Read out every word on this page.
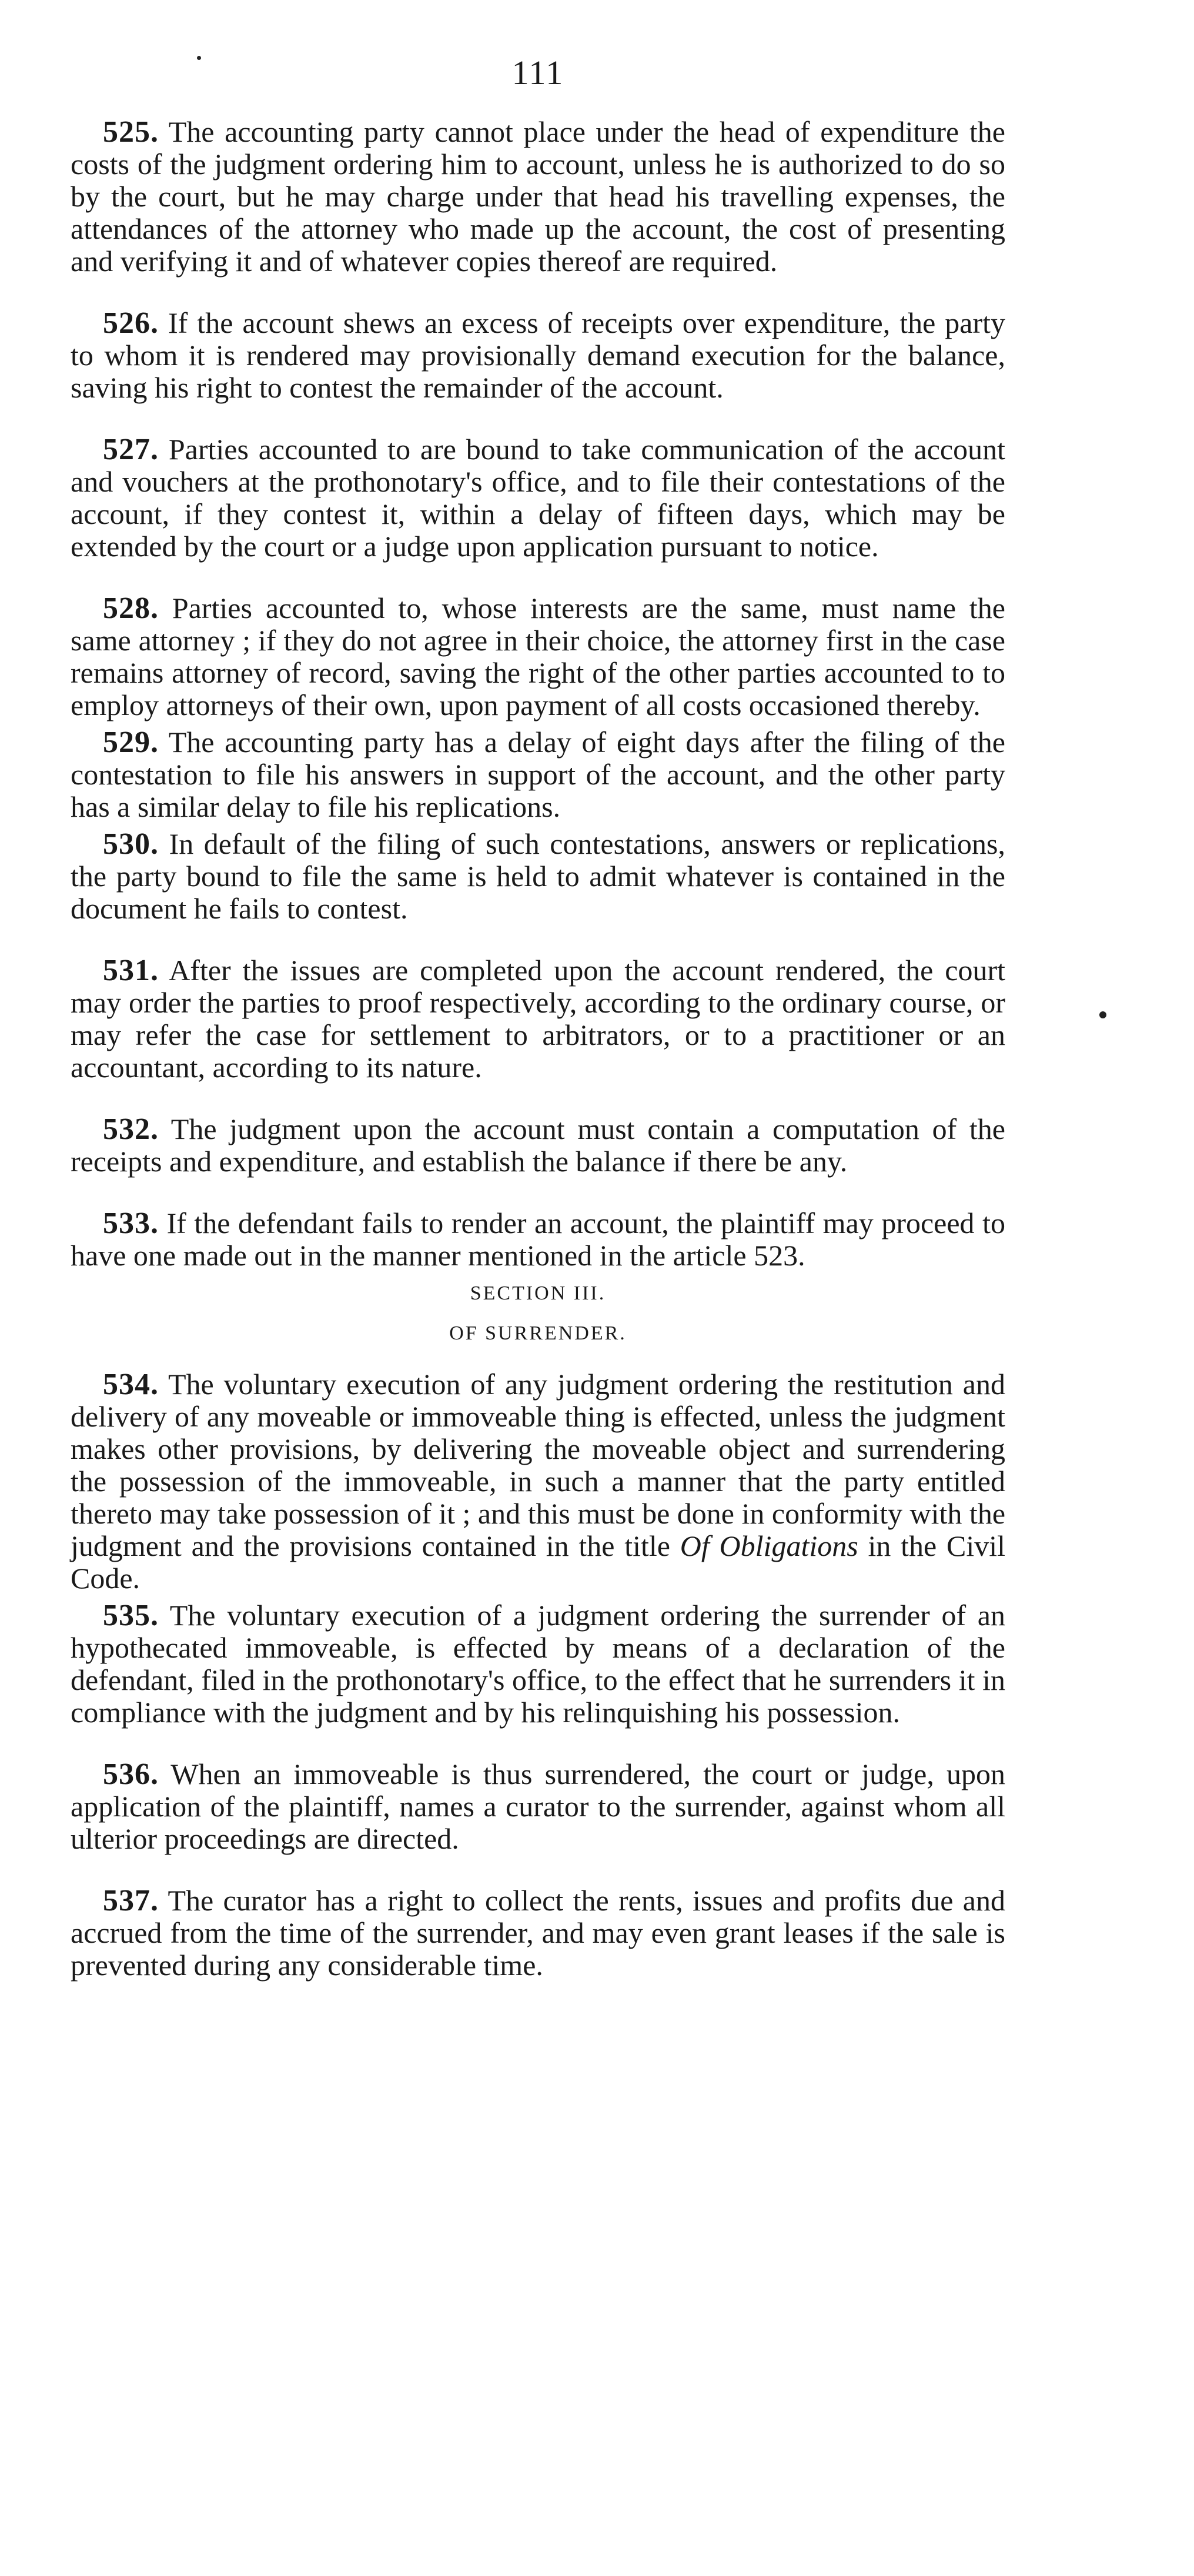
111

525. The accounting party cannot place under the head of expenditure the costs of the judgment ordering him to account, unless he is authorized to do so by the court, but he may charge under that head his travelling expenses, the attendances of the attorney who made up the account, the cost of presenting and verifying it and of whatever copies thereof are required.

526. If the account shews an excess of receipts over expenditure, the party to whom it is rendered may provisionally demand execution for the balance, saving his right to contest the remainder of the account.

527. Parties accounted to are bound to take communication of the account and vouchers at the prothonotary's office, and to file their contestations of the account, if they contest it, within a delay of fifteen days, which may be extended by the court or a judge upon application pursuant to notice.

528. Parties accounted to, whose interests are the same, must name the same attorney ; if they do not agree in their choice, the attorney first in the case remains attorney of record, saving the right of the other parties accounted to to employ attorneys of their own, upon payment of all costs occasioned thereby.

529. The accounting party has a delay of eight days after the filing of the contestation to file his answers in support of the account, and the other party has a similar delay to file his replications.

530. In default of the filing of such contestations, answers or replications, the party bound to file the same is held to admit whatever is contained in the document he fails to contest.

531. After the issues are completed upon the account rendered, the court may order the parties to proof respectively, according to the ordinary course, or may refer the case for settlement to arbitrators, or to a practitioner or an accountant, according to its nature.

532. The judgment upon the account must contain a computation of the receipts and expenditure, and establish the balance if there be any.

533. If the defendant fails to render an account, the plaintiff may proceed to have one made out in the manner mentioned in the article 523.

SECTION III.
OF SURRENDER.

534. The voluntary execution of any judgment ordering the restitution and delivery of any moveable or immoveable thing is effected, unless the judgment makes other provisions, by delivering the moveable object and surrendering the possession of the immoveable, in such a manner that the party entitled thereto may take possession of it ; and this must be done in conformity with the judgment and the provisions contained in the title Of Obligations in the Civil Code.

535. The voluntary execution of a judgment ordering the surrender of an hypothecated immoveable, is effected by means of a declaration of the defendant, filed in the prothonotary's office, to the effect that he surrenders it in compliance with the judgment and by his relinquishing his possession.

536. When an immoveable is thus surrendered, the court or judge, upon application of the plaintiff, names a curator to the surrender, against whom all ulterior proceedings are directed.

537. The curator has a right to collect the rents, issues and profits due and accrued from the time of the surrender, and may even grant leases if the sale is prevented during any considerable time.
